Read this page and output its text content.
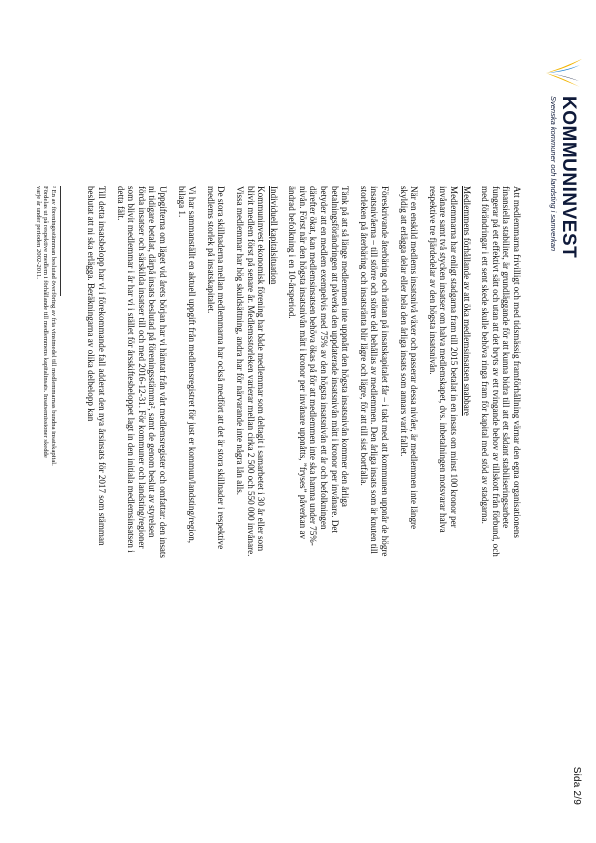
Sida 2/9
KOMMUNINVEST
Svenska kommuner och landsting i samverkan

Att medlemmarna frivilligt och med tidsmässig framförhållning värnar den egna organisationens finansiella stabilitet, är grundläggande för att kunna bidra till att ett sådant stabiliseringsarbete fungerar på ett effektivt sätt och utan att det bryts av ett tvingande behov av tillskott från förbund, och med förändringar i ett sent skede skulle behöva ringa fram för kapital med stöd av stadgarna.

Medlemmens förhållande av att öka medlemsinsatsen snabbare

Medlemmarna har enligt stadgarna fram till 2015 betalat in en insats om minst 100 kronor per invånare samt två stycken insatser om halva medlemskapet, dvs. inbetalningen motsvarar halva respektive tre fjärdedelar av den högsta insatsnivån.

När en enskild medlems insatsnivå växer och passerar dessa nivåer, är medlemmen inte längre skyldig att erlägga delar eller hela den årliga insats som annars varit fallet.

Föreskrivande återbäring och räntan på insatskapitalet får – i takt med att kommunen uppnår de högre insatsnivåerna – till större och större del behållas av medlemmen. Den årliga insats som är knuten till storleken på återbäring och insatsränta blir lägre och lägre, för att till sist bortfalla.

Tänk på att så länge medlemmen inte uppnått den högsta insatsnivån kommer den årliga betalningsförändringen att påverka den uppdaterade insatsnivån mätt i kronor per invånare. Det betyder att en medlem exempelvis med 75% av den högsta insatsnivån ett år och befolkningen därefter ökat, kan medlemsinsatsen behöva ökas på för att medlemmen inte ska hamna under 75%-nivån. Först när den högsta insatsnivån mätt i kronor per invånare uppnåtts, ”fryses” påverkan av ändrad befolkning i en 10-årsperiod.

Individuell kapitalsituation

Kommuninvest ekonomisk förening har både medlemmar som deltagit i samarbetet i 30 år eller som blivit medlem först på senare år. Medlemsstorleken varierar mellan cirka 2 500 och 550 000 invånare. Vissa medlemmar har hög skuldsättning, andra har för närvarande inte några lån alls.

De stora skillnaderna mellan medlemmarna har också medfört att det är stora skillnader i respektive medlems storlek på insatskapitalet.

Vi har sammanställt en aktuell uppgift från medlemsregistret för just er kommun/landsting/region, bilaga 1.

Uppgifterna om läget vid årets början har vi hämtat från vårt medlemsregister och omfattar: den insats ni tidigare betalat, därpå insats beslutad på föreningsstämma², samt de genom beslut av styrelsen förda insatser och särskilda insatser till och med 2016-12-31. För kommuner och landsting/regioner som blivit medlemmar i år har vi i stället för årsskiftesbeloppet lagt in den initiala medlemsinsatsen i detta fält.

Till detta insatsbelopp har vi i förekommande fall adderat den nya årsinsats för 2017 som stämman beslutat att ni ska erlägga. Beräkningarna av olika delbelopp kan

² En av föreningsstämman beslutad överföring av fria vinstmedel till medlemmarnas bundna insatskapital.
Fördelas ut på respektive medlem i förhållande till medlemmens kapitalinsats. Insatsemissioner skedde
varje år under perioden 2002-2011.
